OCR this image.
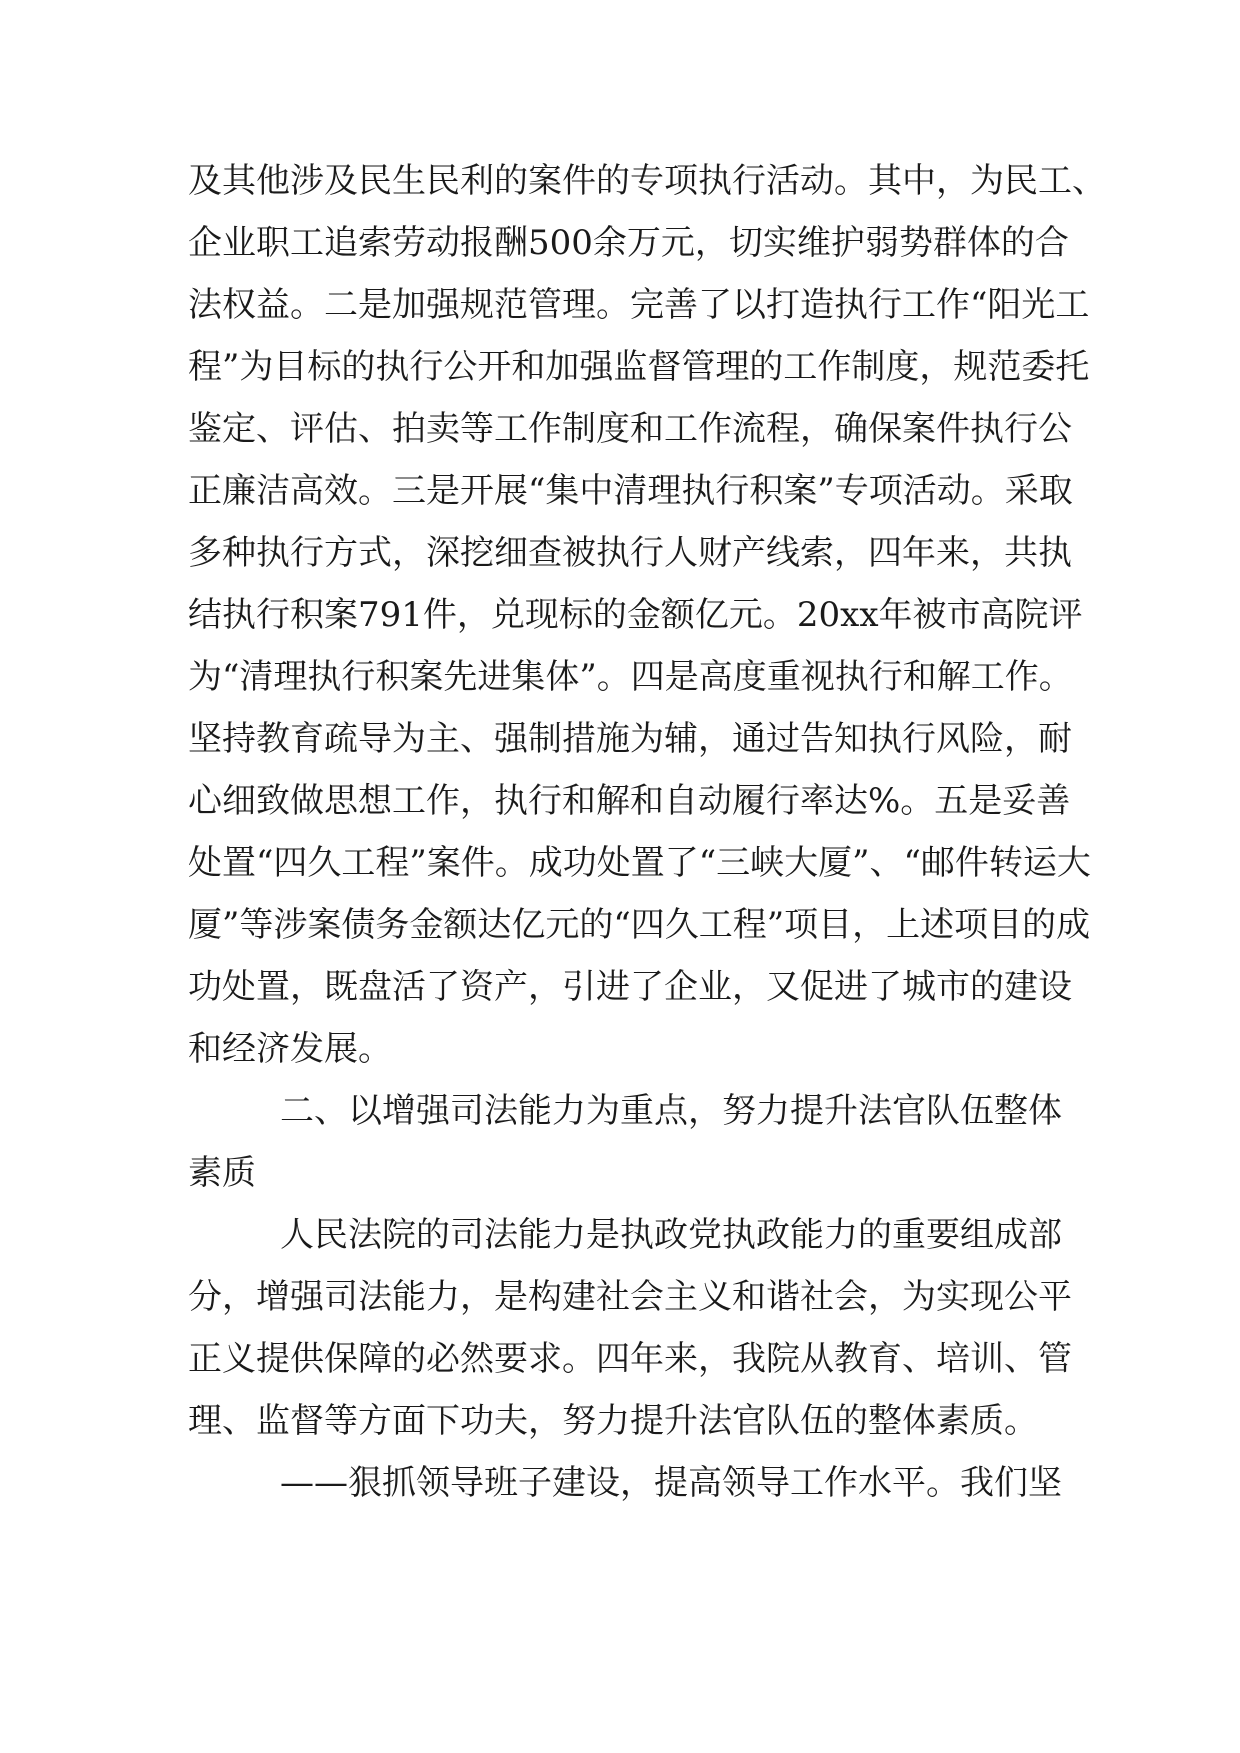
及其他涉及民生民利的案件的专项执行活动。其中，为民工、
企业职工追索劳动报酬500余万元，切实维护弱势群体的合
法权益。二是加强规范管理。完善了以打造执行工作“阳光工
程”为目标的执行公开和加强监督管理的工作制度，规范委托
鉴定、评估、拍卖等工作制度和工作流程，确保案件执行公
正廉洁高效。三是开展“集中清理执行积案”专项活动。采取
多种执行方式，深挖细查被执行人财产线索，四年来，共执
结执行积案791件，兑现标的金额亿元。20xx年被市高院评
为“清理执行积案先进集体”。四是高度重视执行和解工作。
坚持教育疏导为主、强制措施为辅，通过告知执行风险，耐
心细致做思想工作，执行和解和自动履行率达%。五是妥善
处置“四久工程”案件。成功处置了“三峡大厦”、“邮件转运大
厦”等涉案债务金额达亿元的“四久工程”项目，上述项目的成
功处置，既盘活了资产，引进了企业，又促进了城市的建设
和经济发展。
二、以增强司法能力为重点，努力提升法官队伍整体
素质
人民法院的司法能力是执政党执政能力的重要组成部
分，增强司法能力，是构建社会主义和谐社会，为实现公平
正义提供保障的必然要求。四年来，我院从教育、培训、管
理、监督等方面下功夫，努力提升法官队伍的整体素质。
——狠抓领导班子建设，提高领导工作水平。我们坚
